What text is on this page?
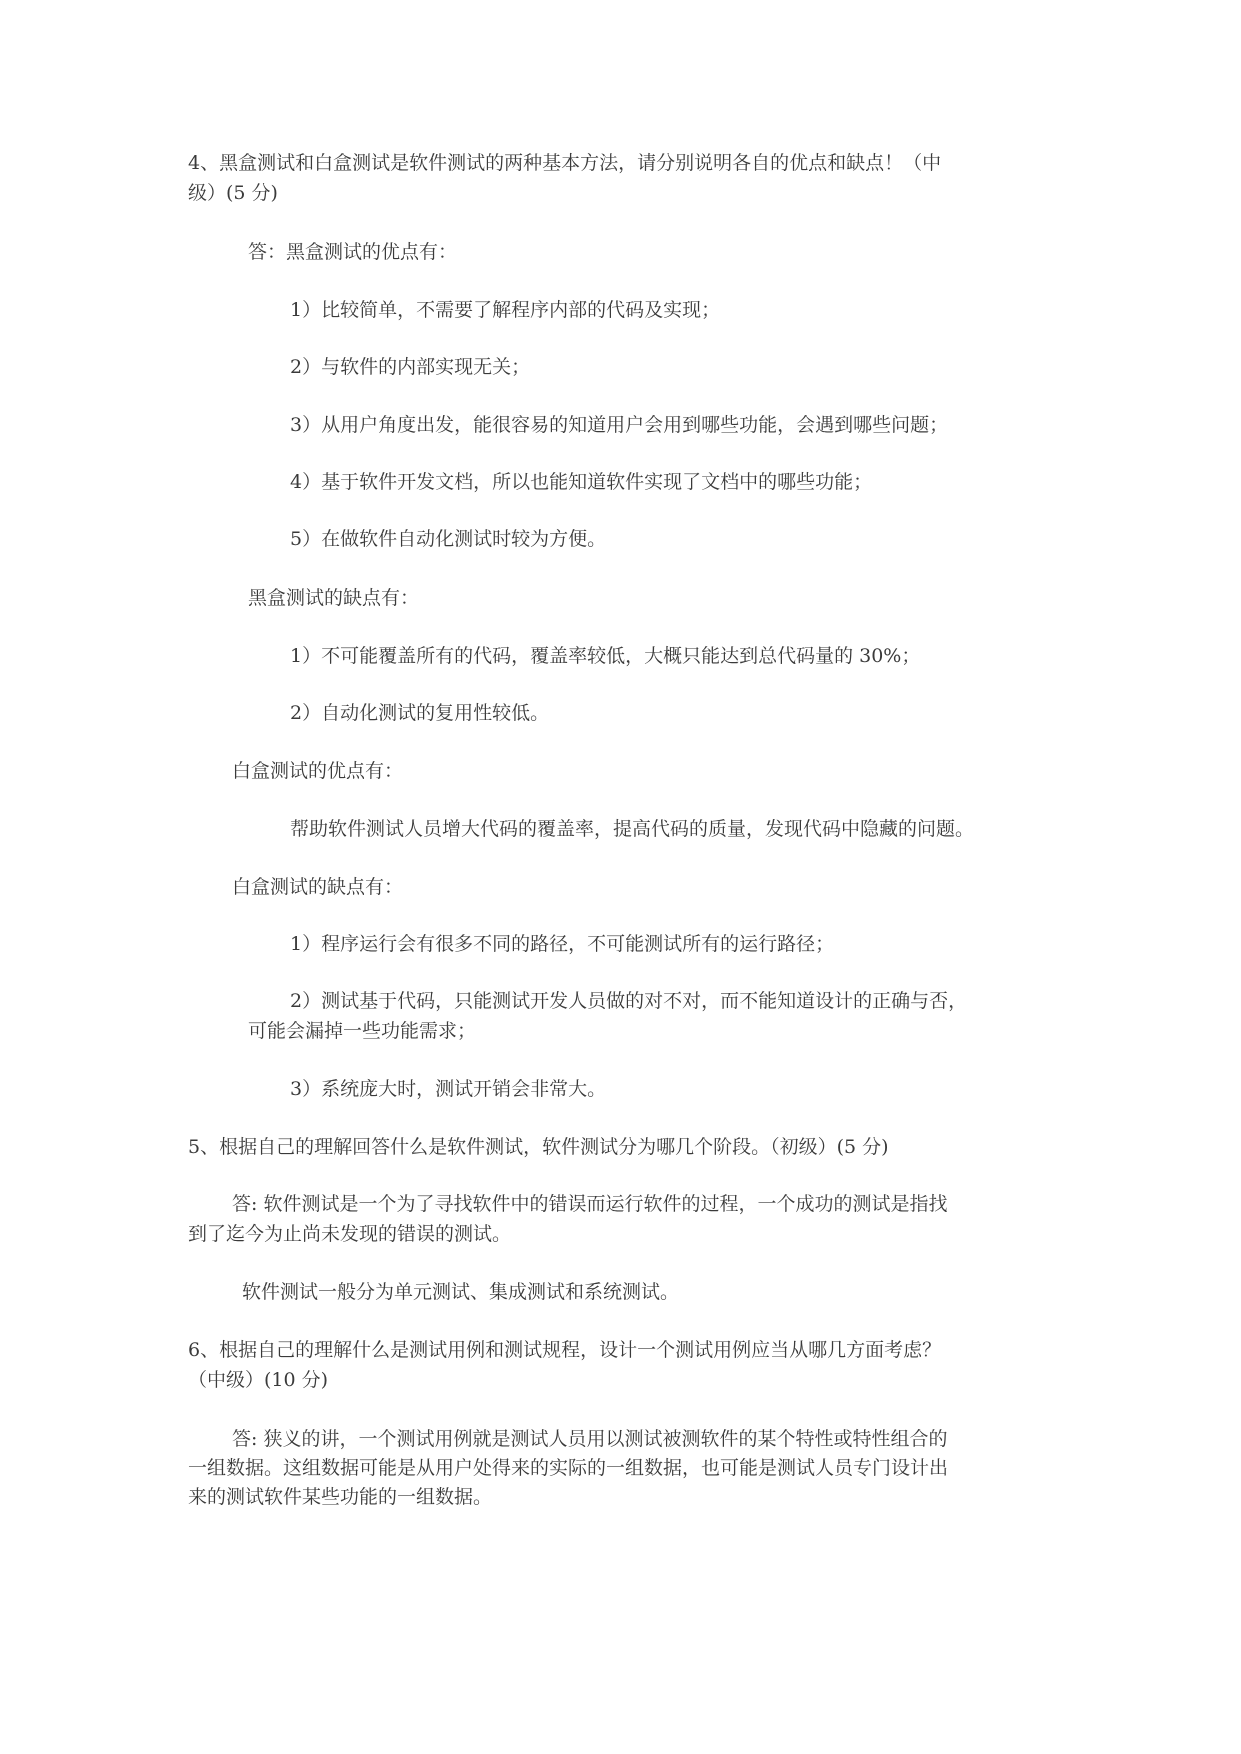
4、黑盒测试和白盒测试是软件测试的两种基本方法，请分别说明各自的优点和缺点！（中
级）(5 分)
答：黑盒测试的优点有：
1）比较简单，不需要了解程序内部的代码及实现；
2）与软件的内部实现无关；
3）从用户角度出发，能很容易的知道用户会用到哪些功能，会遇到哪些问题；
4）基于软件开发文档，所以也能知道软件实现了文档中的哪些功能；
5）在做软件自动化测试时较为方便。
黑盒测试的缺点有：
1）不可能覆盖所有的代码，覆盖率较低，大概只能达到总代码量的 30%；
2）自动化测试的复用性较低。
白盒测试的优点有：
帮助软件测试人员增大代码的覆盖率，提高代码的质量，发现代码中隐藏的问题。
白盒测试的缺点有：
1）程序运行会有很多不同的路径，不可能测试所有的运行路径；
2）测试基于代码，只能测试开发人员做的对不对，而不能知道设计的正确与否，
可能会漏掉一些功能需求；
3）系统庞大时，测试开销会非常大。
5、根据自己的理解回答什么是软件测试，软件测试分为哪几个阶段。（初级）(5 分)
答: 软件测试是一个为了寻找软件中的错误而运行软件的过程，一个成功的测试是指找
到了迄今为止尚未发现的错误的测试。
软件测试一般分为单元测试、集成测试和系统测试。
6、根据自己的理解什么是测试用例和测试规程，设计一个测试用例应当从哪几方面考虑？
（中级）(10 分)
答: 狭义的讲，一个测试用例就是测试人员用以测试被测软件的某个特性或特性组合的
一组数据。这组数据可能是从用户处得来的实际的一组数据，也可能是测试人员专门设计出
来的测试软件某些功能的一组数据。
